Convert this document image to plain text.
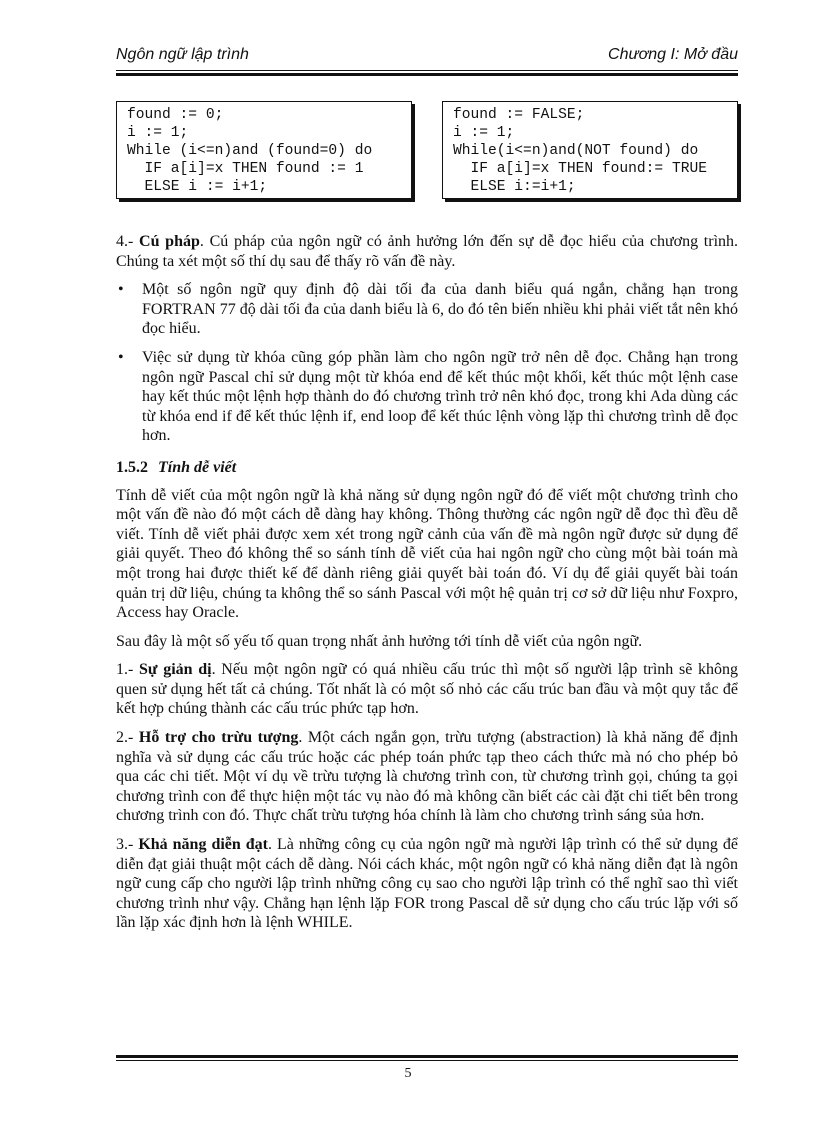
Ngôn ngữ lập trình	Chương I: Mở đầu
found := 0;
i := 1;
While (i<=n)and (found=0) do
IF a[i]=x THEN found := 1
ELSE i := i+1;
found := FALSE;
i := 1;
While(i<=n)and(NOT found) do
IF a[i]=x THEN found:= TRUE
ELSE i:=i+1;

4.- Cú pháp. Cú pháp của ngôn ngữ có ảnh hưởng lớn đến sự dễ đọc hiểu của chương trình. Chúng ta xét một số thí dụ sau để thấy rõ vấn đề này.

• Một số ngôn ngữ quy định độ dài tối đa của danh biểu quá ngắn, chẳng hạn trong FORTRAN 77 độ dài tối đa của danh biểu là 6, do đó tên biến nhiều khi phải viết tắt nên khó đọc hiểu.
• Việc sử dụng từ khóa cũng góp phần làm cho ngôn ngữ trở nên dễ đọc. Chẳng hạn trong ngôn ngữ Pascal chỉ sử dụng một từ khóa end để kết thúc một khối, kết thúc một lệnh case hay kết thúc một lệnh hợp thành do đó chương trình trở nên khó đọc, trong khi Ada dùng các từ khóa end if để kết thúc lệnh if, end loop để kết thúc lệnh vòng lặp thì chương trình dễ đọc hơn.
1.5.2 Tính dễ viết

Tính dễ viết của một ngôn ngữ là khả năng sử dụng ngôn ngữ đó để viết một chương trình cho một vấn đề nào đó một cách dễ dàng hay không. Thông thường các ngôn ngữ dễ đọc thì đều dễ viết. Tính dễ viết phải được xem xét trong ngữ cảnh của vấn đề mà ngôn ngữ được sử dụng để giải quyết. Theo đó không thể so sánh tính dễ viết của hai ngôn ngữ cho cùng một bài toán mà một trong hai được thiết kế để dành riêng giải quyết bài toán đó. Ví dụ để giải quyết bài toán quản trị dữ liệu, chúng ta không thể so sánh Pascal với một hệ quản trị cơ sở dữ liệu như Foxpro, Access hay Oracle.

Sau đây là một số yếu tố quan trọng nhất ảnh hưởng tới tính dễ viết của ngôn ngữ.

1.- Sự giản dị. Nếu một ngôn ngữ có quá nhiều cấu trúc thì một số người lập trình sẽ không quen sử dụng hết tất cả chúng. Tốt nhất là có một số nhỏ các cấu trúc ban đầu và một quy tắc để kết hợp chúng thành các cấu trúc phức tạp hơn.

2.- Hỗ trợ cho trừu tượng. Một cách ngắn gọn, trừu tượng (abstraction) là khả năng để định nghĩa và sử dụng các cấu trúc hoặc các phép toán phức tạp theo cách thức mà nó cho phép bỏ qua các chi tiết. Một ví dụ về trừu tượng là chương trình con, từ chương trình gọi, chúng ta gọi chương trình con để thực hiện một tác vụ nào đó mà không cần biết các cài đặt chi tiết bên trong chương trình con đó. Thực chất trừu tượng hóa chính là làm cho chương trình sáng sủa hơn.

3.- Khả năng diễn đạt. Là những công cụ của ngôn ngữ mà người lập trình có thể sử dụng để diễn đạt giải thuật một cách dễ dàng. Nói cách khác, một ngôn ngữ có khả năng diễn đạt là ngôn ngữ cung cấp cho người lập trình những công cụ sao cho người lập trình có thể nghĩ sao thì viết chương trình như vậy. Chẳng hạn lệnh lặp FOR trong Pascal dễ sử dụng cho cấu trúc lặp với số lần lặp xác định hơn là lệnh WHILE.

5
